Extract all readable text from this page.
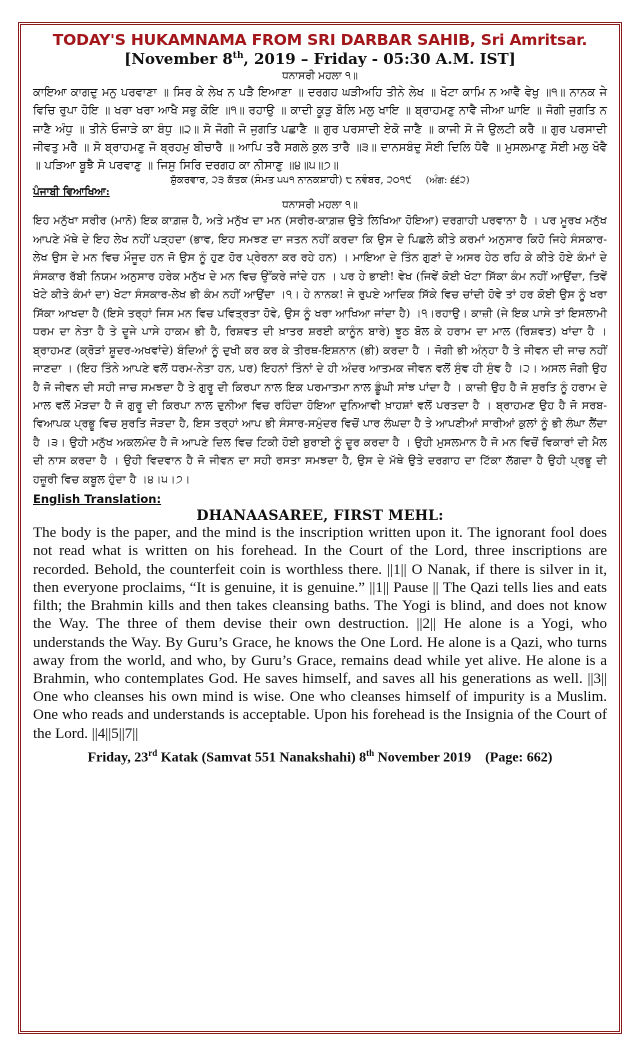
TODAY'S HUKAMNAMA FROM SRI DARBAR SAHIB, Sri Amritsar.

[November 8th, 2019 – Friday - 05:30 A.M. IST]

ਧਨਾਸਰੀ ਮਹਲਾ ੧॥

ਕਾਇਆ ਕਾਗਦੁ ਮਨੁ ਪਰਵਾਣਾ ॥ ਸਿਰ ਕੇ ਲੇਖ ਨ ਪੜੈ ਇਆਣਾ ॥ ਦਰਗਹ ਘੜੀਅਹਿ ਤੀਨੇ ਲੇਖ ॥ ਖੋਟਾ ਕਾਮਿ ਨ ਆਵੈ ਵੇਖੁ ॥੧॥ ਨਾਨਕ ਜੇ ਵਿਚਿ ਰੁਪਾ ਹੋਇ ॥ ਖਰਾ ਖਰਾ ਆਖੈ ਸਭੁ ਕੋਇ ॥੧॥ ਰਹਾਉ ॥ ਕਾਦੀ ਕੂੜੁ ਬੋਲਿ ਮਲੁ ਖਾਇ ॥ ਬ੍ਰਾਹਮਣੁ ਨਾਵੈ ਜੀਆ ਘਾਇ ॥ ਜੋਗੀ ਜੁਗਤਿ ਨ ਜਾਣੈ ਅੰਧੁ ॥ ਤੀਨੇ ਓਜਾੜੇ ਕਾ ਬੰਧੁ ॥੨॥ ਸੋ ਜੋਗੀ ਜੋ ਜੁਗਤਿ ਪਛਾਣੈ ॥ ਗੁਰ ਪਰਸਾਦੀ ਏਕੋ ਜਾਣੈ ॥ ਕਾਜੀ ਸੋ ਜੋ ਉਲਟੀ ਕਰੈ ॥ ਗੁਰ ਪਰਸਾਦੀ ਜੀਵਤੁ ਮਰੈ ॥ ਸੋ ਬ੍ਰਾਹਮਣੁ ਜੋ ਬ੍ਰਹਮੁ ਬੀਚਾਰੈ ॥ ਆਪਿ ਤਰੈ ਸਗਲੇ ਕੁਲ ਤਾਰੈ ॥੩॥ ਦਾਨਸਬੰਦੁ ਸੋਈ ਦਿਲਿ ਧੋਵੈ ॥ ਮੁਸਲਮਾਣੁ ਸੋਈ ਮਲੁ ਖੋਵੈ ॥ ਪੜਿਆ ਬੂਝੈ ਸੋ ਪਰਵਾਣੁ ॥ ਜਿਸੁ ਸਿਰਿ ਦਰਗਹ ਕਾ ਨੀਸਾਣੁ ॥੪॥੫॥੭॥

ਸ਼ੁੱਕਰਵਾਰ, ੨੩ ਕੱਤਕ (ਸੰਮਤ ੫੫੧ ਨਾਨਕਸ਼ਾਹੀ) ੮ ਨਵੰਬਰ, ੨੦੧੯ (ਅੰਗ: ੬੬੨)

ਪੰਜਾਬੀ ਵਿਆਖਿਆ:

ਧਨਾਸਰੀ ਮਹਲਾ ੧॥

ਇਹ ਮਨੁੱਖਾ ਸਰੀਰ (ਮਾਨੋ) ਇਕ ਕਾਗ਼ਜ਼ ਹੈ, ਅਤੇ ਮਨੁੱਖ ਦਾ ਮਨ (ਸਰੀਰ-ਕਾਗ਼ਜ਼ ਉਤੇ ਲਿਖਿਆ ਹੋਇਆ) ਦਰਗਾਹੀ ਪਰਵਾਨਾ ਹੈ । ਪਰ ਮੂਰਖ ਮਨੁੱਖ ਆਪਣੇ ਮੱਥੇ ਦੇ ਇਹ ਲੇਖ ਨਹੀਂ ਪੜ੍ਹਦਾ (ਭਾਵ, ਇਹ ਸਮਝਣ ਦਾ ਜਤਨ ਨਹੀਂ ਕਰਦਾ ਕਿ ਉਸ ਦੇ ਪਿਛਲੇ ਕੀਤੇ ਕਰਮਾਂ ਅਨੁਸਾਰ ਕਿਹੋ ਜਿਹੇ ਸੰਸਕਾਰ-ਲੇਖ ਉਸ ਦੇ ਮਨ ਵਿਚ ਮੌਜੂਦ ਹਨ ਜੋ ਉਸ ਨੂੰ ਹੁਣ ਹੋਰ ਪ੍ਰੇਰਨਾ ਕਰ ਰਹੇ ਹਨ) । ਮਾਇਆ ਦੇ ਤਿੰਨ ਗੁਣਾਂ ਦੇ ਅਸਰ ਹੇਠ ਰਹਿ ਕੇ ਕੀਤੇ ਹੋਏ ਕੰਮਾਂ ਦੇ ਸੰਸਕਾਰ ਰੱਬੀ ਨਿਯਮ ਅਨੁਸਾਰ ਹਰੇਕ ਮਨੁੱਖ ਦੇ ਮਨ ਵਿਚ ਉੱਕਰੇ ਜਾਂਦੇ ਹਨ । ਪਰ ਹੇ ਭਾਈ! ਵੇਖ (ਜਿਵੇਂ ਕੋਈ ਖੋਟਾ ਸਿੱਕਾ ਕੰਮ ਨਹੀਂ ਆਉਂਦਾ, ਤਿਵੇਂ ਖੋਟੇ ਕੀਤੇ ਕੰਮਾਂ ਦਾ) ਖੋਟਾ ਸੰਸਕਾਰ-ਲੇਖ ਭੀ ਕੰਮ ਨਹੀਂ ਆਉਂਦਾ ।੧। ਹੇ ਨਾਨਕ! ਜੇ ਰੁਪਏ ਆਦਿਕ ਸਿੱਕੇ ਵਿਚ ਚਾਂਦੀ ਹੋਵੇ ਤਾਂ ਹਰ ਕੋਈ ਉਸ ਨੂੰ ਖਰਾ ਸਿੱਕਾ ਆਖਦਾ ਹੈ (ਇਸੇ ਤਰ੍ਹਾਂ ਜਿਸ ਮਨ ਵਿਚ ਪਵਿਤ੍ਰਤਾ ਹੋਵੇ, ਉਸ ਨੂੰ ਖਰਾ ਆਖਿਆ ਜਾਂਦਾ ਹੈ) ।੧।ਰਹਾਉ। ਕਾਜ਼ੀ (ਜੇ ਇਕ ਪਾਸੇ ਤਾਂ ਇਸਲਾਮੀ ਧਰਮ ਦਾ ਨੇਤਾ ਹੈ ਤੇ ਦੂਜੇ ਪਾਸੇ ਹਾਕਮ ਭੀ ਹੈ, ਰਿਸ਼ਵਤ ਦੀ ਖ਼ਾਤਰ ਸ਼ਰਈ ਕਾਨੂੰਨ ਬਾਰੇ) ਝੂਠ ਬੋਲ ਕੇ ਹਰਾਮ ਦਾ ਮਾਲ (ਰਿਸ਼ਵਤ) ਖਾਂਦਾ ਹੈ । ਬ੍ਰਾਹਮਣ (ਕ੍ਰੋੜਾਂ ਸ਼ੂਦਰ-ਅਖਵਾਂਦੇ) ਬੰਦਿਆਂ ਨੂੰ ਦੁਖੀ ਕਰ ਕਰ ਕੇ ਤੀਰਥ-ਇਸ਼ਨਾਨ (ਭੀ) ਕਰਦਾ ਹੈ । ਜੋਗੀ ਭੀ ਅੰਨ੍ਹਾ ਹੈ ਤੇ ਜੀਵਨ ਦੀ ਜਾਚ ਨਹੀਂ ਜਾਣਦਾ । (ਇਹ ਤਿੰਨੇ ਆਪਣੇ ਵਲੋਂ ਧਰਮ-ਨੇਤਾ ਹਨ, ਪਰ) ਇਹਨਾਂ ਤਿੰਨਾਂ ਦੇ ਹੀ ਅੰਦਰ ਆਤਮਕ ਜੀਵਨ ਵਲੋਂ ਸੁੰਞ ਹੀ ਸੁੰਞ ਹੈ ।੨। ਅਸਲ ਜੋਗੀ ਉਹ ਹੈ ਜੋ ਜੀਵਨ ਦੀ ਸਹੀ ਜਾਚ ਸਮਝਦਾ ਹੈ ਤੇ ਗੁਰੂ ਦੀ ਕਿਰਪਾ ਨਾਲ ਇਕ ਪਰਮਾਤਮਾ ਨਾਲ ਡੂੰਘੀ ਸਾਂਝ ਪਾਂਦਾ ਹੈ । ਕਾਜ਼ੀ ਉਹ ਹੈ ਜੋ ਸੁਰਤਿ ਨੂੰ ਹਰਾਮ ਦੇ ਮਾਲ ਵਲੋਂ ਮੋੜਦਾ ਹੈ ਜੋ ਗੁਰੂ ਦੀ ਕਿਰਪਾ ਨਾਲ ਦੁਨੀਆ ਵਿਚ ਰਹਿੰਦਾ ਹੋਇਆ ਦੁਨਿਆਵੀ ਖ਼ਾਹਸ਼ਾਂ ਵਲੋਂ ਪਰਤਦਾ ਹੈ । ਬ੍ਰਾਹਮਣ ਉਹ ਹੈ ਜੋ ਸਰਬ-ਵਿਆਪਕ ਪ੍ਰਭੂ ਵਿਚ ਸੁਰਤਿ ਜੋੜਦਾ ਹੈ, ਇਸ ਤਰ੍ਹਾਂ ਆਪ ਭੀ ਸੰਸਾਰ-ਸਮੁੰਦਰ ਵਿਚੋਂ ਪਾਰ ਲੰਘਦਾ ਹੈ ਤੇ ਆਪਣੀਆਂ ਸਾਰੀਆਂ ਕੁਲਾਂ ਨੂੰ ਭੀ ਲੰਘਾ ਲੈਂਦਾ ਹੈ ।੩। ਉਹੀ ਮਨੁੱਖ ਅਕਲਮੰਦ ਹੈ ਜੋ ਆਪਣੇ ਦਿਲ ਵਿਚ ਟਿਕੀ ਹੋਈ ਬੁਰਾਈ ਨੂੰ ਦੂਰ ਕਰਦਾ ਹੈ । ਉਹੀ ਮੁਸਲਮਾਨ ਹੈ ਜੋ ਮਨ ਵਿਚੋਂ ਵਿਕਾਰਾਂ ਦੀ ਮੈਲ ਦੀ ਨਾਸ ਕਰਦਾ ਹੈ । ਉਹੀ ਵਿਦਵਾਨ ਹੈ ਜੋ ਜੀਵਨ ਦਾ ਸਹੀ ਰਸਤਾ ਸਮਝਦਾ ਹੈ, ਉਸ ਦੇ ਮੱਥੇ ਉਤੇ ਦਰਗਾਹ ਦਾ ਟਿੱਕਾ ਲੱਗਦਾ ਹੈ ਉਹੀ ਪ੍ਰਭੂ ਦੀ ਹਜ਼ੂਰੀ ਵਿਚ ਕਬੂਲ ਹੁੰਦਾ ਹੈ ।੪।੫।੭।

English Translation:

DHANAASAREE, FIRST MEHL:

The body is the paper, and the mind is the inscription written upon it. The ignorant fool does not read what is written on his forehead. In the Court of the Lord, three inscriptions are recorded. Behold, the counterfeit coin is worthless there. ||1|| O Nanak, if there is silver in it, then everyone proclaims, “It is genuine, it is genuine.” ||1|| Pause || The Qazi tells lies and eats filth; the Brahmin kills and then takes cleansing baths. The Yogi is blind, and does not know the Way. The three of them devise their own destruction. ||2|| He alone is a Yogi, who understands the Way. By Guru’s Grace, he knows the One Lord. He alone is a Qazi, who turns away from the world, and who, by Guru’s Grace, remains dead while yet alive. He alone is a Brahmin, who contemplates God. He saves himself, and saves all his generations as well. ||3|| One who cleanses his own mind is wise. One who cleanses himself of impurity is a Muslim. One who reads and understands is acceptable. Upon his forehead is the Insignia of the Court of the Lord. ||4||5||7||

Friday, 23rd Katak (Samvat 551 Nanakshahi) 8th November 2019 (Page: 662)
